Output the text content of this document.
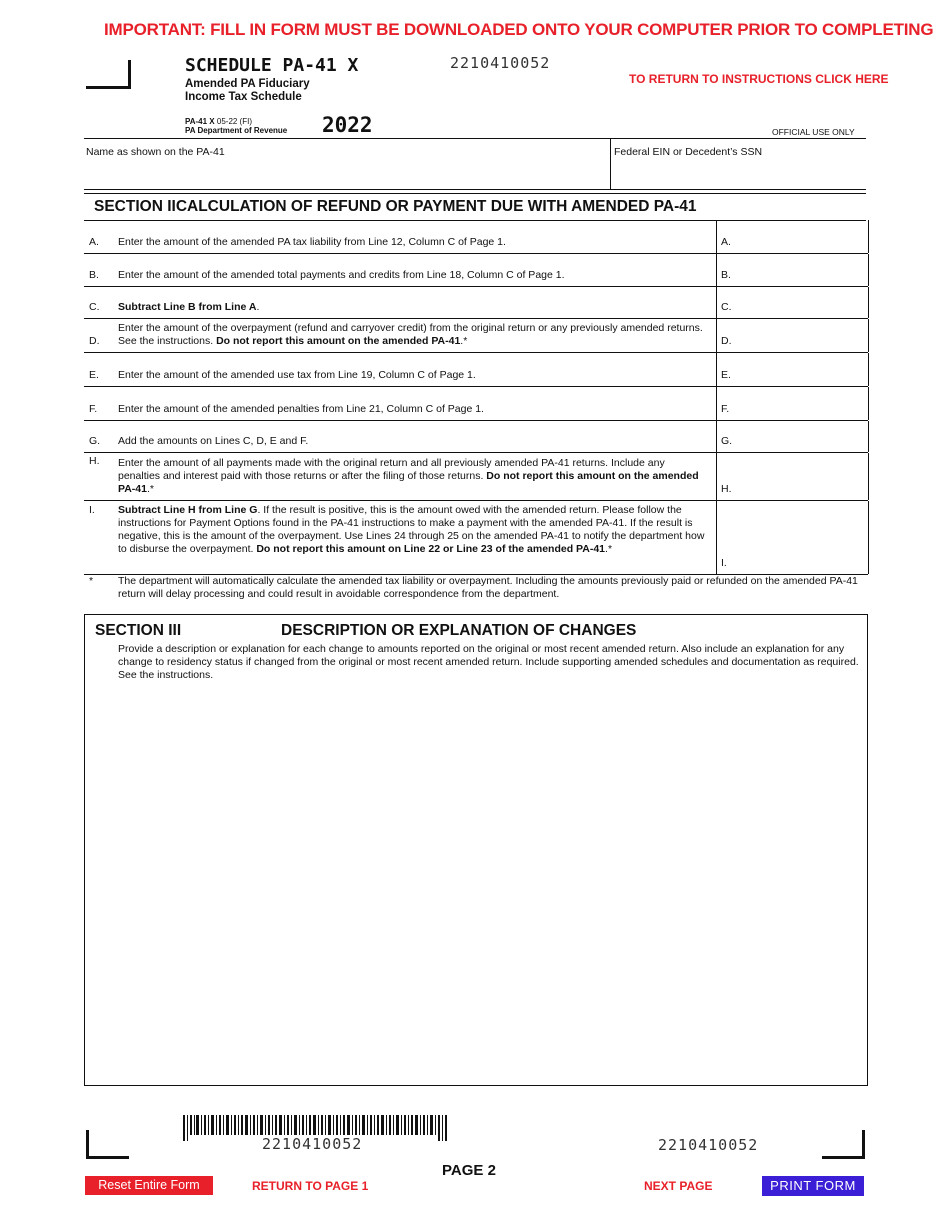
IMPORTANT: FILL IN FORM MUST BE DOWNLOADED ONTO YOUR COMPUTER PRIOR TO COMPLETING
SCHEDULE PA-41 X	2210410052
Amended PA Fiduciary
Income Tax Schedule
PA-41 X 05-22 (FI)
PA Department of Revenue 2022
TO RETURN TO INSTRUCTIONS CLICK HERE
OFFICIAL USE ONLY
Name as shown on the PA-41	Federal EIN or Decedent’s SSN
SECTION IICALCULATION OF REFUND OR PAYMENT DUE WITH AMENDED PA-41
A. Enter the amount of the amended PA tax liability from Line 12, Column C of Page 1.	A.
B. Enter the amount of the amended total payments and credits from Line 18, Column C of Page 1.	B.
C. Subtract Line B from Line A.	C.
D.
Enter the amount of the overpayment (refund and carryover credit) from the original return or any previously amended returns. See the instructions. Do not report this amount on the amended PA-41.*	D.
E. Enter the amount of the amended use tax from Line 19, Column C of Page 1.	E.
F. Enter the amount of the amended penalties from Line 21, Column C of Page 1.	F.
G. Add the amounts on Lines C, D, E and F.	G.
H. Enter the amount of all payments made with the original return and all previously amended PA-41 returns. Include any penalties and interest paid with those returns or after the filing of those returns. Do not report this amount on the amended PA-41.*	H.
I. Subtract Line H from Line G. If the result is positive, this is the amount owed with the amended return. Please follow the instructions for Payment Options found in the PA-41 instructions to make a payment with the amended PA-41. If the result is negative, this is the amount of the overpayment. Use Lines 24 through 25 on the amended PA-41 to notify the department how to disburse the overpayment. Do not report this amount on Line 22 or Line 23 of the amended PA-41.*
I.
* The department will automatically calculate the amended tax liability or overpayment. Including the amounts previously paid or refunded on the amended PA-41 return will delay processing and could result in avoidable correspondence from the department.
SECTION III	DESCRIPTION OR EXPLANATION OF CHANGES
Provide a description or explanation for each change to amounts reported on the original or most recent amended return. Also include an explanation for any change to residency status if changed from the original or most recent amended return. Include supporting amended schedules and documentation as required. See the instructions.
2210410052	2210410052
PAGE 2
Reset Entire Form	RETURN TO PAGE 1	NEXT PAGE	PRINT FORM
